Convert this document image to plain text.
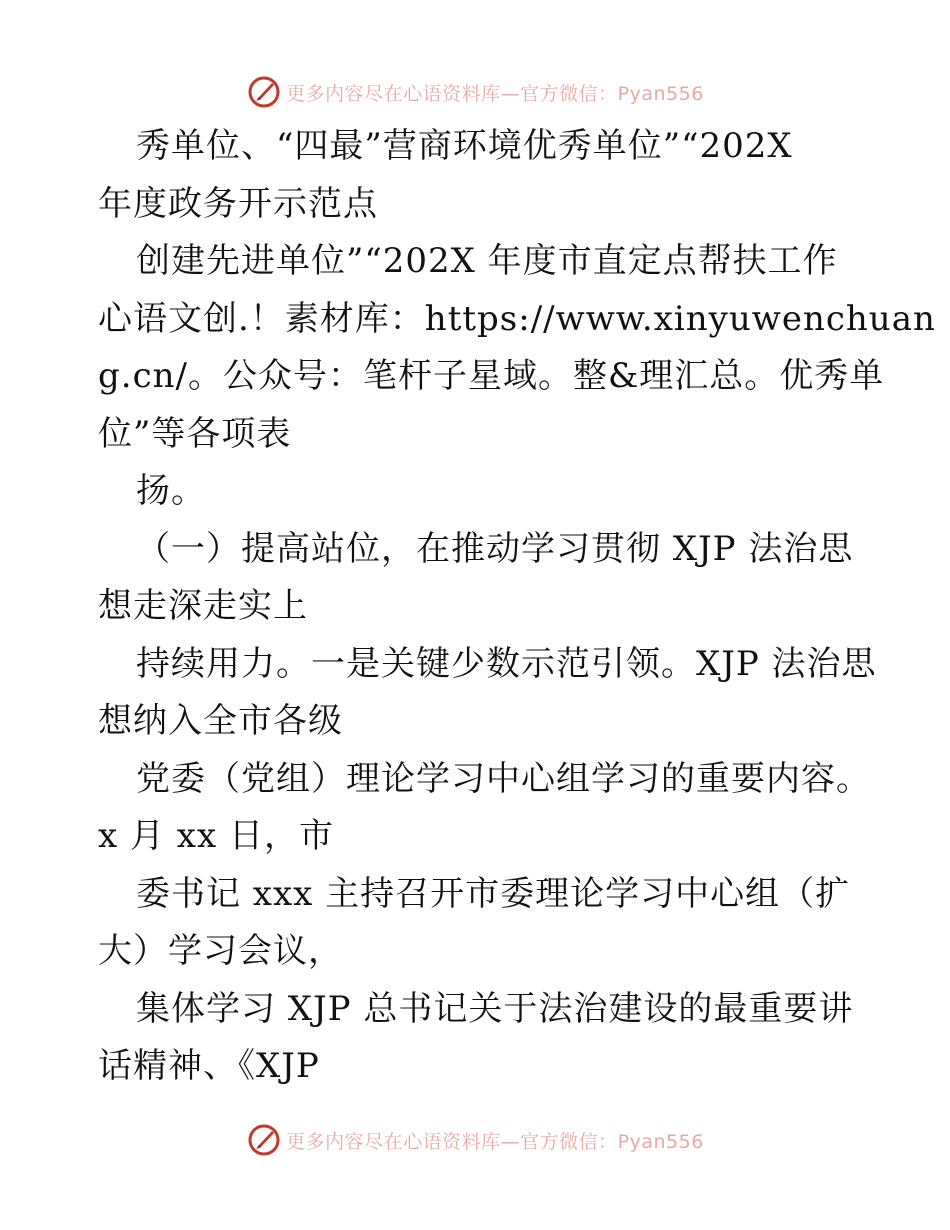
更多内容尽在心语资料库—官方微信：Pyan556
秀单位、“四最”营商环境优秀单位”“202X
年度政务开示范点
创建先进单位”“202X 年度市直定点帮扶工作
心语文创.！素材库：https://www.xinyuwenchuan
g.cn/。公众号：笔杆子星域。整&理汇总。优秀单
位”等各项表
扬。
（一）提高站位，在推动学习贯彻 XJP 法治思
想走深走实上
持续用力。一是关键少数示范引领。XJP 法治思
想纳入全市各级
党委（党组）理论学习中心组学习的重要内容。
x 月 xx 日，市
委书记 xxx 主持召开市委理论学习中心组（扩
大）学习会议，
集体学习 XJP 总书记关于法治建设的最重要讲
话精神、《XJP
更多内容尽在心语资料库—官方微信：Pyan556
